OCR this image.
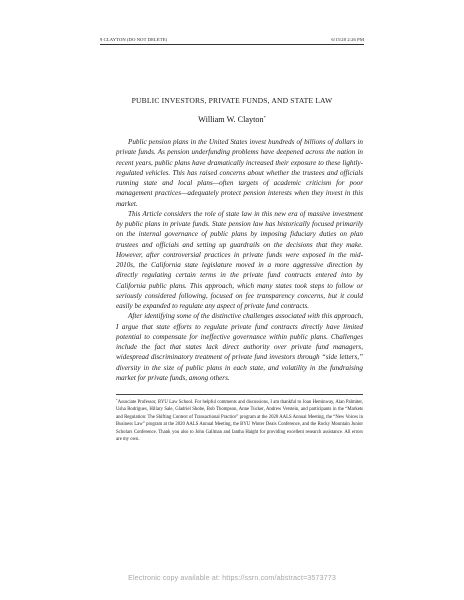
9 CLAYTON (DO NOT DELETE)	6/15/20 2:26 PM
PUBLIC INVESTORS, PRIVATE FUNDS, AND STATE LAW
William W. Clayton*

Public pension plans in the United States invest hundreds of billions of dollars in private funds. As pension underfunding problems have deepened across the nation in recent years, public plans have dramatically increased their exposure to these lightly-regulated vehicles. This has raised concerns about whether the trustees and officials running state and local plans—often targets of academic criticism for poor management practices—adequately protect pension interests when they invest in this market.

This Article considers the role of state law in this new era of massive investment by public plans in private funds. State pension law has historically focused primarily on the internal governance of public plans by imposing fiduciary duties on plan trustees and officials and setting up guardrails on the decisions that they make. However, after controversial practices in private funds were exposed in the mid-2010s, the California state legislature moved in a more aggressive direction by directly regulating certain terms in the private fund contracts entered into by California public plans. This approach, which many states took steps to follow or seriously considered following, focused on fee transparency concerns, but it could easily be expanded to regulate any aspect of private fund contracts.

After identifying some of the distinctive challenges associated with this approach, I argue that state efforts to regulate private fund contracts directly have limited potential to compensate for ineffective governance within public plans. Challenges include the fact that states lack direct authority over private fund managers, widespread discriminatory treatment of private fund investors through “side letters,” diversity in the size of public plans in each state, and volatility in the fundraising market for private funds, among others.

*Associate Professor, BYU Law School. For helpful comments and discussions, I am thankful to Joan Heminway, Alan Palmiter, Usha Rodrigues, Hillary Sale, Gladriel Shobe, Bob Thompson, Anne Tucker, Andrew Verstein, and participants in the “Markets and Regulation: The Shifting Context of Transactional Practice” program at the 2020 AALS Annual Meeting, the “New Voices in Business Law” program at the 2020 AALS Annual Meeting, the BYU Winter Deals Conference, and the Rocky Mountain Junior Scholars Conference. Thank you also to John Gallman and Iantha Haight for providing excellent research assistance. All errors are my own.
Electronic copy available at: https://ssrn.com/abstract=3573773
